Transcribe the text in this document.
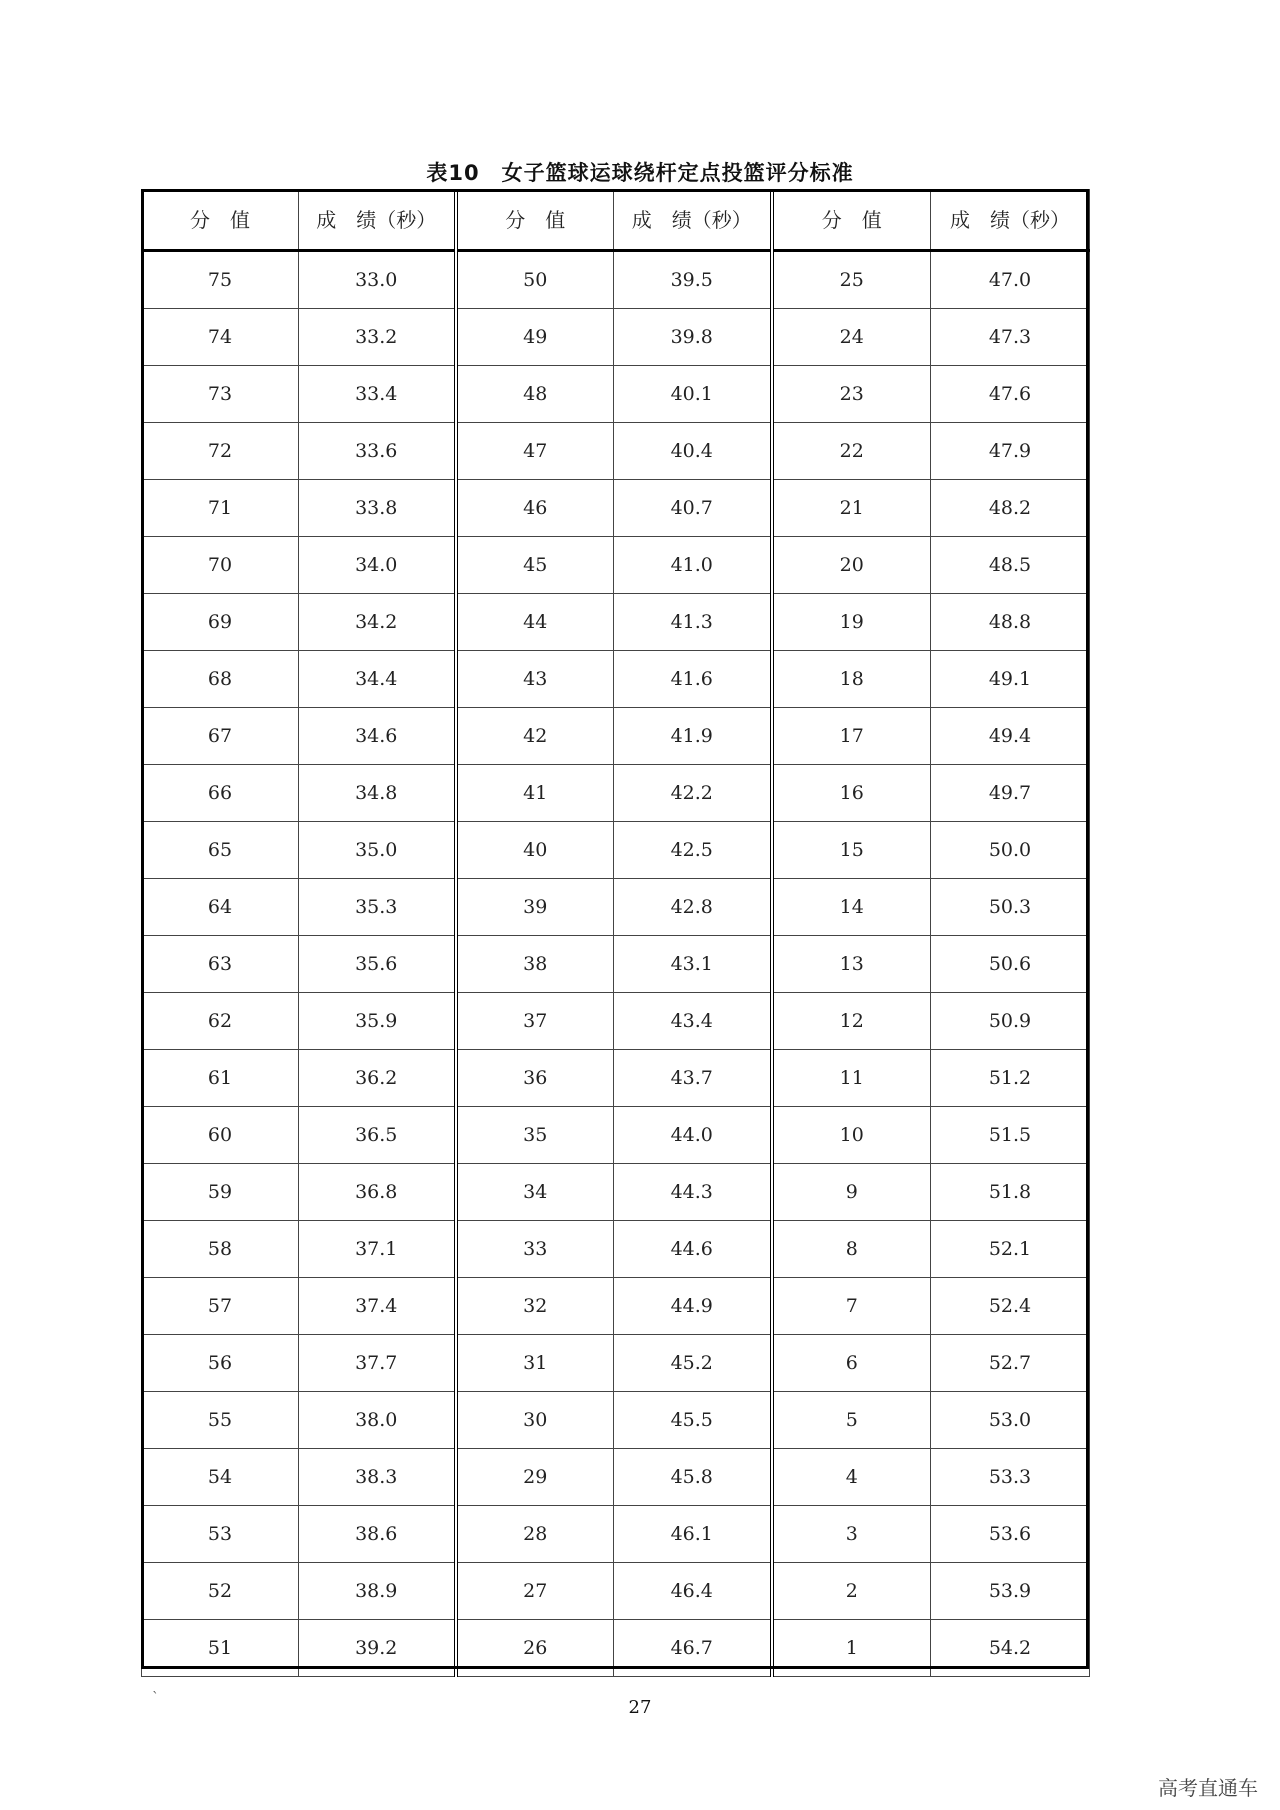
表10　女子篮球运球绕杆定点投篮评分标准
分　值	成　绩（秒）	分　值	成　绩（秒）	分　值	成　绩（秒）
75	33.0	50	39.5	25	47.0
74	33.2	49	39.8	24	47.3
73	33.4	48	40.1	23	47.6
72	33.6	47	40.4	22	47.9
71	33.8	46	40.7	21	48.2
70	34.0	45	41.0	20	48.5
69	34.2	44	41.3	19	48.8
68	34.4	43	41.6	18	49.1
67	34.6	42	41.9	17	49.4
66	34.8	41	42.2	16	49.7
65	35.0	40	42.5	15	50.0
64	35.3	39	42.8	14	50.3
63	35.6	38	43.1	13	50.6
62	35.9	37	43.4	12	50.9
61	36.2	36	43.7	11	51.2
60	36.5	35	44.0	10	51.5
59	36.8	34	44.3	9	51.8
58	37.1	33	44.6	8	52.1
57	37.4	32	44.9	7	52.4
56	37.7	31	45.2	6	52.7
55	38.0	30	45.5	5	53.0
54	38.3	29	45.8	4	53.3
53	38.6	28	46.1	3	53.6
52	38.9	27	46.4	2	53.9
51	39.2	26	46.7	1	54.2
`	27
高考直通车
